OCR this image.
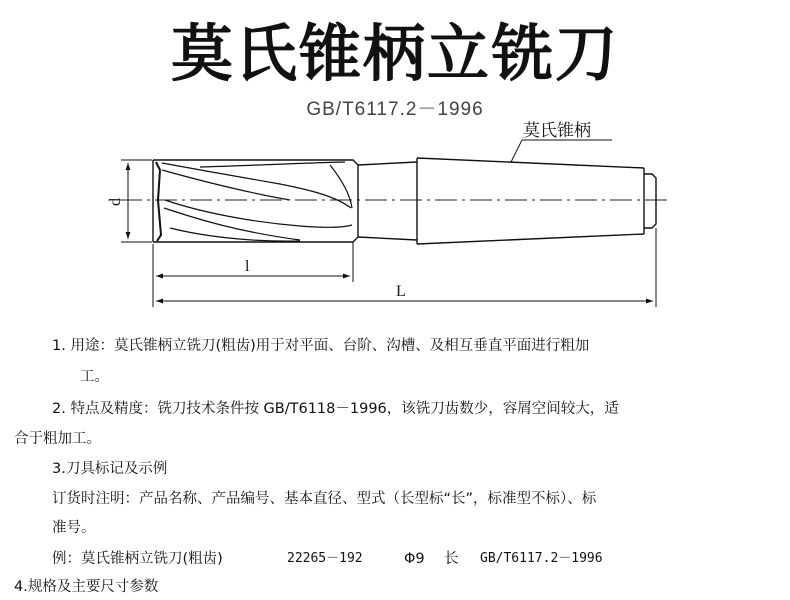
莫氏锥柄立铣刀
GB/T6117.2－1996
莫氏锥柄
d
l
L
1. 用途：莫氏锥柄立铣刀(粗齿)用于对平面、台阶、沟槽、及相互垂直平面进行粗加
工。
2. 特点及精度：铣刀技术条件按 GB/T6118－1996，该铣刀齿数少，容屑空间较大，适
合于粗加工。
3.刀具标记及示例
订货时注明：产品名称、产品编号、基本直径、型式（长型标“长”，标准型不标）、标
准号。
例：莫氏锥柄立铣刀(粗齿)	22265－192	Φ9 长 GB/T6117.2－1996
4.规格及主要尺寸参数
